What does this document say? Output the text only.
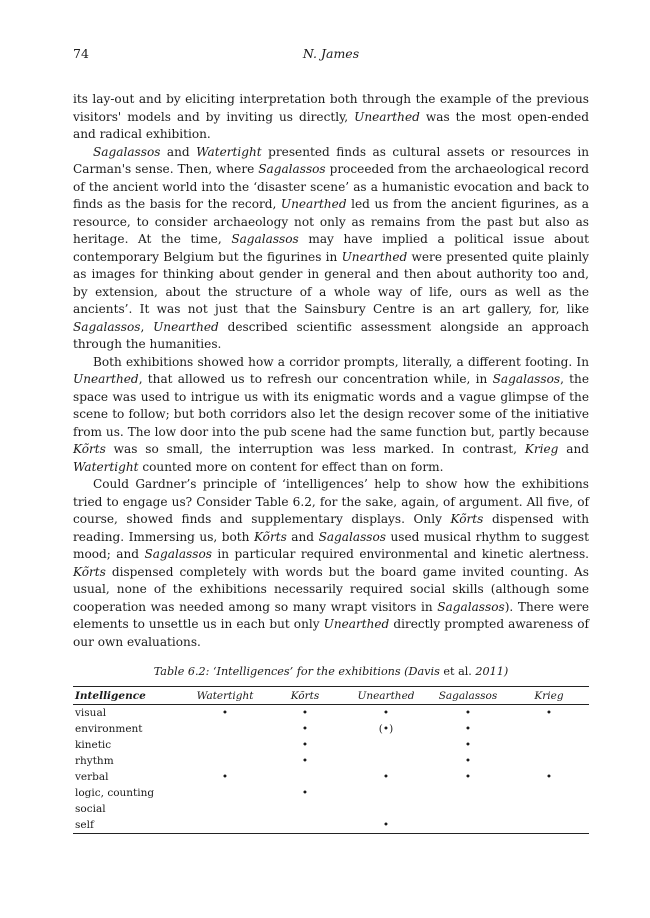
74	N. James

its lay-out and by eliciting interpretation both through the example of the previous visitors' models and by inviting us directly, Unearthed was the most open-ended and radical exhibition.

Sagalassos and Watertight presented finds as cultural assets or resources in Carman's sense. Then, where Sagalassos proceeded from the archaeological record of the ancient world into the ‘disaster scene’ as a humanistic evocation and back to finds as the basis for the record, Unearthed led us from the ancient figurines, as a resource, to consider archaeology not only as remains from the past but also as heritage. At the time, Sagalassos may have implied a political issue about contemporary Belgium but the figurines in Unearthed were presented quite plainly as images for thinking about gender in general and then about authority too and, by extension, about the structure of a whole way of life, ours as well as the ancients’. It was not just that the Sainsbury Centre is an art gallery, for, like Sagalassos, Unearthed described scientific assessment alongside an approach through the humanities.

Both exhibitions showed how a corridor prompts, literally, a different footing. In Unearthed, that allowed us to refresh our concentration while, in Sagalassos, the space was used to intrigue us with its enigmatic words and a vague glimpse of the scene to follow; but both corridors also let the design recover some of the initiative from us. The low door into the pub scene had the same function but, partly because Kõrts was so small, the interruption was less marked. In contrast, Krieg and Watertight counted more on content for effect than on form.

Could Gardner’s principle of ‘intelligences’ help to show how the exhibitions tried to engage us? Consider Table 6.2, for the sake, again, of argument. All five, of course, showed finds and supplementary displays. Only Kõrts dispensed with reading. Immersing us, both Kõrts and Sagalassos used musical rhythm to suggest mood; and Sagalassos in particular required environmental and kinetic alertness. Kõrts dispensed completely with words but the board game invited counting. As usual, none of the exhibitions necessarily required social skills (although some cooperation was needed among so many wrapt visitors in Sagalassos). There were elements to unsettle us in each but only Unearthed directly prompted awareness of our own evaluations.

Table 6.2: ‘Intelligences’ for the exhibitions (Davis et al. 2011)
Intelligence	Watertight	Kõrts	Unearthed	Sagalassos	Krieg
visual	•	•	•	•	•
environment		•	(•)	•	
kinetic		•		•	
rhythm		•		•	
verbal	•		•	•	•
logic, counting		•			
social					
self			•		
